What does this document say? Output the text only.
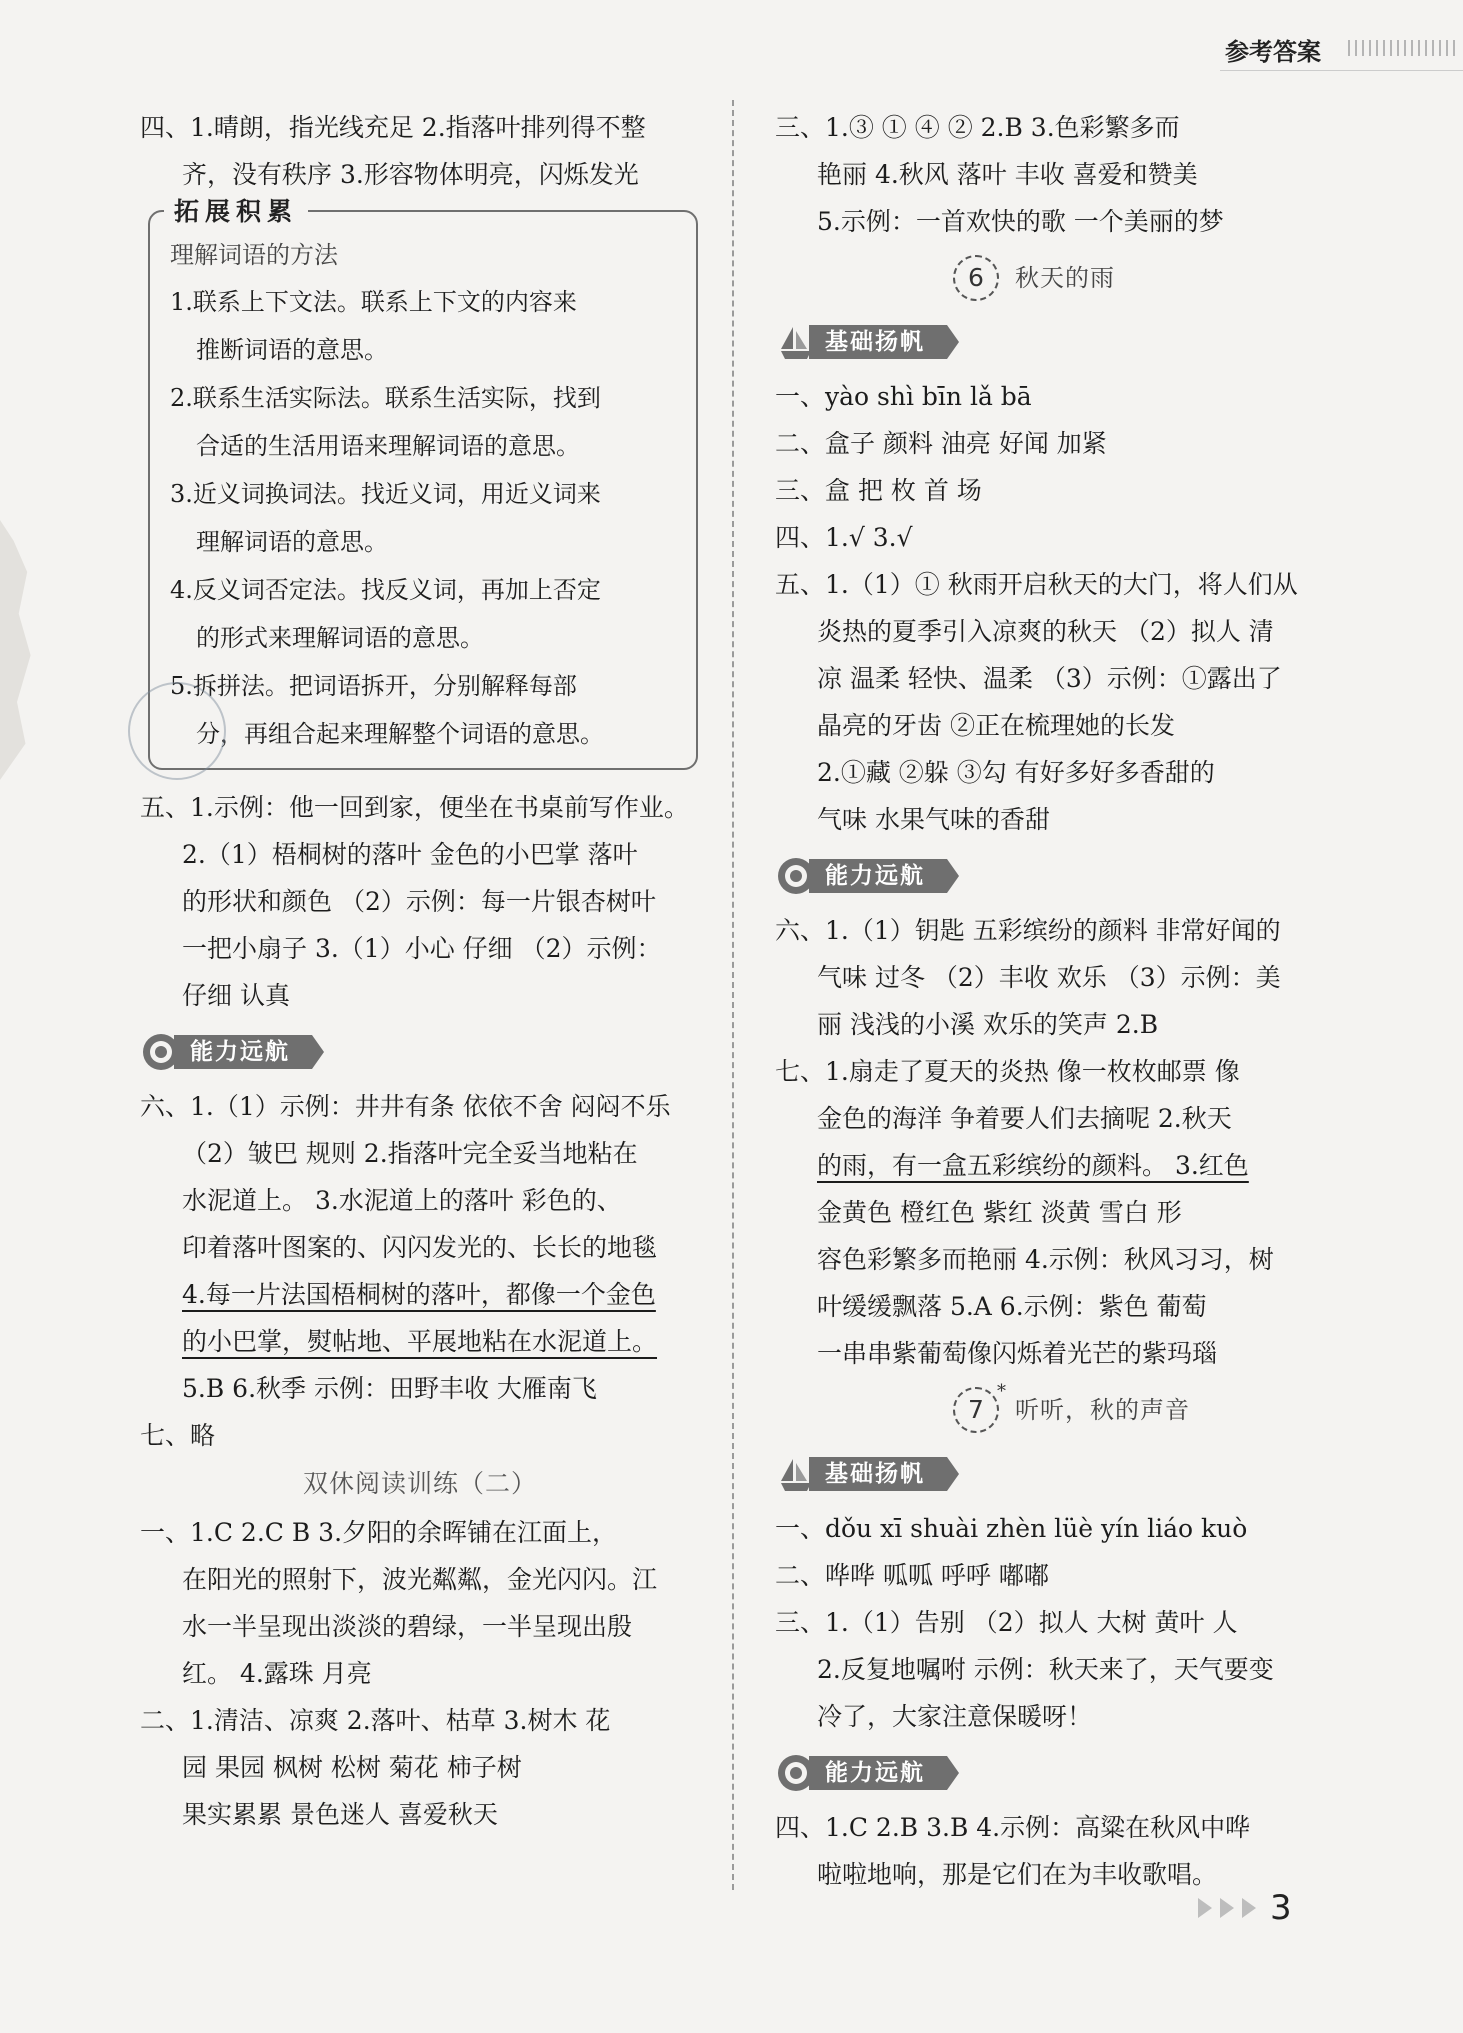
参考答案
四、1.晴朗，指光线充足 2.指落叶排列得不整
齐，没有秩序 3.形容物体明亮，闪烁发光
拓展积累
理解词语的方法
1.联系上下文法。联系上下文的内容来
推断词语的意思。
2.联系生活实际法。联系生活实际，找到
合适的生活用语来理解词语的意思。
3.近义词换词法。找近义词，用近义词来
理解词语的意思。
4.反义词否定法。找反义词，再加上否定
的形式来理解词语的意思。
5.拆拼法。把词语拆开，分别解释每部
分，再组合起来理解整个词语的意思。
五、1.示例：他一回到家，便坐在书桌前写作业。
2.（1）梧桐树的落叶 金色的小巴掌 落叶
的形状和颜色 （2）示例：每一片银杏树叶
一把小扇子 3.（1）小心 仔细 （2）示例：
仔细 认真
能力远航
六、1.（1）示例：井井有条 依依不舍 闷闷不乐
（2）皱巴 规则 2.指落叶完全妥当地粘在
水泥道上。 3.水泥道上的落叶 彩色的、
印着落叶图案的、闪闪发光的、长长的地毯
4.每一片法国梧桐树的落叶，都像一个金色
的小巴掌，熨帖地、平展地粘在水泥道上。
5.B 6.秋季 示例：田野丰收 大雁南飞
七、略
双休阅读训练（二）
一、1.C 2.C B 3.夕阳的余晖铺在江面上，
在阳光的照射下，波光粼粼，金光闪闪。江
水一半呈现出淡淡的碧绿，一半呈现出殷
红。 4.露珠 月亮
二、1.清洁、凉爽 2.落叶、枯草 3.树木 花
园 果园 枫树 松树 菊花 柿子树
果实累累 景色迷人 喜爱秋天
三、1.③ ① ④ ② 2.B 3.色彩繁多而
艳丽 4.秋风 落叶 丰收 喜爱和赞美
5.示例：一首欢快的歌 一个美丽的梦
6	秋天的雨
基础扬帆
一、yào shì bīn lǎ bā
二、盒子 颜料 油亮 好闻 加紧
三、盒 把 枚 首 场
四、1.√ 3.√
五、1.（1）① 秋雨开启秋天的大门，将人们从
炎热的夏季引入凉爽的秋天 （2）拟人 清
凉 温柔 轻快、温柔 （3）示例：①露出了
晶亮的牙齿 ②正在梳理她的长发
2.①藏 ②躲 ③勾 有好多好多香甜的
气味 水果气味的香甜
能力远航
六、1.（1）钥匙 五彩缤纷的颜料 非常好闻的
气味 过冬 （2）丰收 欢乐 （3）示例：美
丽 浅浅的小溪 欢乐的笑声 2.B
七、1.扇走了夏天的炎热 像一枚枚邮票 像
金色的海洋 争着要人们去摘呢 2.秋天
的雨，有一盒五彩缤纷的颜料。 3.红色
金黄色 橙红色 紫红 淡黄 雪白 形
容色彩繁多而艳丽 4.示例：秋风习习，树
叶缓缓飘落 5.A 6.示例：紫色 葡萄
一串串紫葡萄像闪烁着光芒的紫玛瑙
7
*
听听，秋的声音
基础扬帆
一、dǒu xī shuài zhèn lüè yín liáo kuò
二、哗哗 呱呱 呼呼 嘟嘟
三、1.（1）告别 （2）拟人 大树 黄叶 人
2.反复地嘱咐 示例：秋天来了，天气要变
冷了，大家注意保暖呀！
能力远航
四、1.C 2.B 3.B 4.示例：高粱在秋风中哗
啦啦地响，那是它们在为丰收歌唱。
3
